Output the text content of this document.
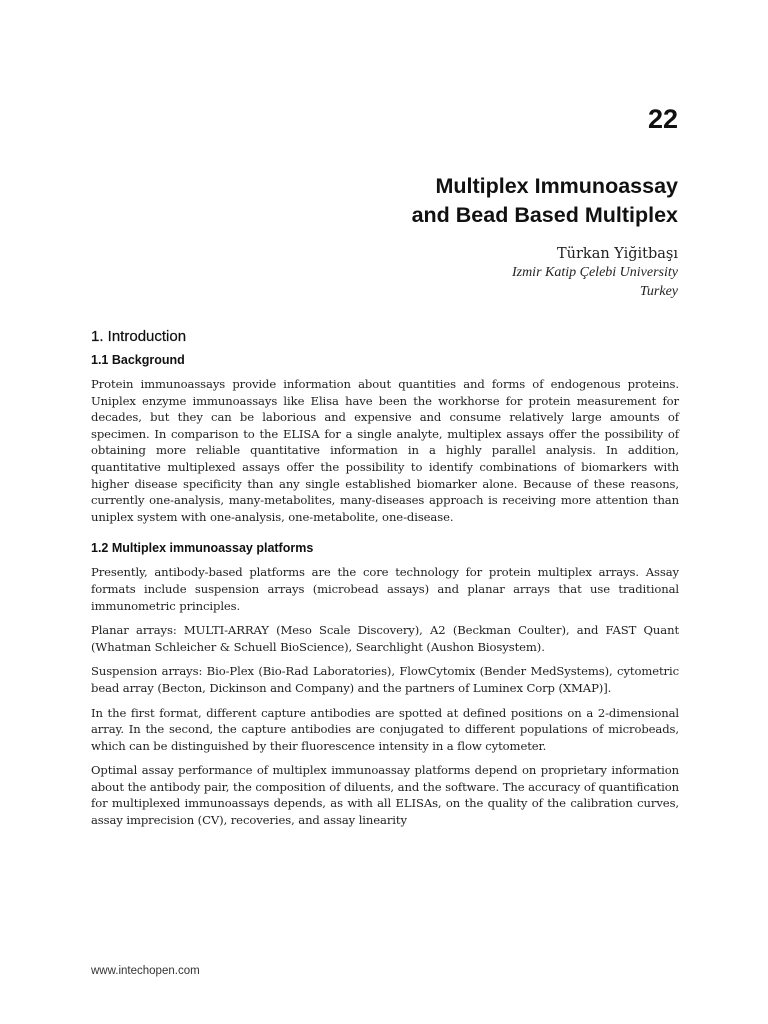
22
Multiplex Immunoassay
and Bead Based Multiplex
Türkan Yiğitbaşı
Izmir Katip Çelebi University
Turkey
1. Introduction
1.1 Background

Protein immunoassays provide information about quantities and forms of endogenous proteins. Uniplex enzyme immunoassays like Elisa have been the workhorse for protein measurement for decades, but they can be laborious and expensive and consume relatively large amounts of specimen. In comparison to the ELISA for a single analyte, multiplex assays offer the possibility of obtaining more reliable quantitative information in a highly parallel analysis. In addition, quantitative multiplexed assays offer the possibility to identify combinations of biomarkers with higher disease specificity than any single established biomarker alone. Because of these reasons, currently one-analysis, many-metabolites, many-diseases approach is receiving more attention than uniplex system with one-analysis, one-metabolite, one-disease.

1.2 Multiplex immunoassay platforms

Presently, antibody-based platforms are the core technology for protein multiplex arrays. Assay formats include suspension arrays (microbead assays) and planar arrays that use traditional immunometric principles.

Planar arrays: MULTI-ARRAY (Meso Scale Discovery), A2 (Beckman Coulter), and FAST Quant (Whatman Schleicher & Schuell BioScience), Searchlight (Aushon Biosystem).

Suspension arrays: Bio-Plex (Bio-Rad Laboratories), FlowCytomix (Bender MedSystems), cytometric bead array (Becton, Dickinson and Company) and the partners of Luminex Corp (XMAP)].

In the first format, different capture antibodies are spotted at defined positions on a 2-dimensional array. In the second, the capture antibodies are conjugated to different populations of microbeads, which can be distinguished by their fluorescence intensity in a flow cytometer.

Optimal assay performance of multiplex immunoassay platforms depend on proprietary information about the antibody pair, the composition of diluents, and the software. The accuracy of quantification for multiplexed immunoassays depends, as with all ELISAs, on the quality of the calibration curves, assay imprecision (CV), recoveries, and assay linearity

www.intechopen.com
